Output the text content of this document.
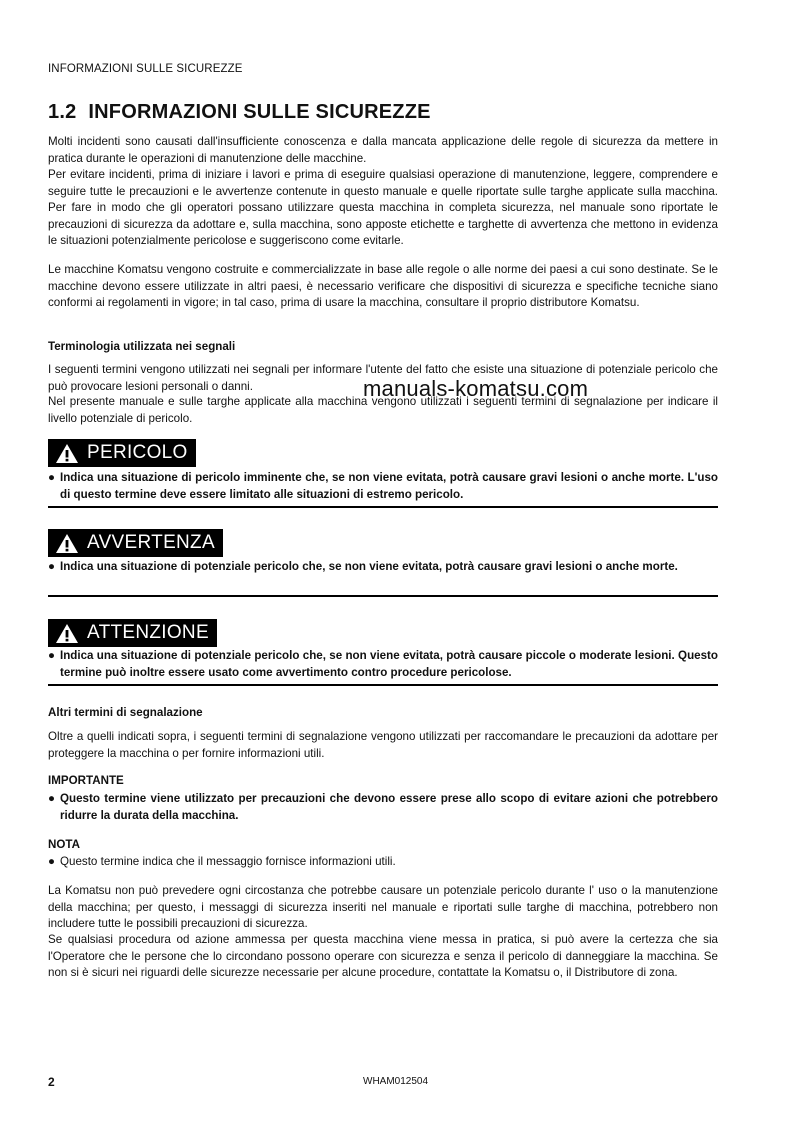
INFORMAZIONI SULLE SICUREZZE
1.2 INFORMAZIONI SULLE SICUREZZE
Molti incidenti sono causati dall'insufficiente conoscenza e dalla mancata applicazione delle regole di sicurezza da mettere in pratica durante le operazioni di manutenzione delle macchine.
Per evitare incidenti, prima di iniziare i lavori e prima di eseguire qualsiasi operazione di manutenzione, leggere, comprendere e seguire tutte le precauzioni e le avvertenze contenute in questo manuale e quelle riportate sulle targhe applicate sulla macchina. Per fare in modo che gli operatori possano utilizzare questa macchina in completa sicurezza, nel manuale sono riportate le precauzioni di sicurezza da adottare e, sulla macchina, sono apposte etichette e targhette di avvertenza che mettono in evidenza le situazioni potenzialmente pericolose e suggeriscono come evitarle.
Le macchine Komatsu vengono costruite e commercializzate in base alle regole o alle norme dei paesi a cui sono destinate. Se le macchine devono essere utilizzate in altri paesi, è necessario verificare che dispositivi di sicurezza e specifiche tecniche siano conformi ai regolamenti in vigore; in tal caso, prima di usare la macchina, consultare il proprio distributore Komatsu.
Terminologia utilizzata nei segnali
I seguenti termini vengono utilizzati nei segnali per informare l'utente del fatto che esiste una situazione di potenziale pericolo che può provocare lesioni personali o danni.
Nel presente manuale e sulle targhe applicate alla macchina vengono utilizzati i seguenti termini di segnalazione per indicare il livello potenziale di pericolo.
manuals-komatsu.com
PERICOLO
● Indica una situazione di pericolo imminente che, se non viene evitata, potrà causare gravi lesioni o anche morte. L'uso di questo termine deve essere limitato alle situazioni di estremo pericolo.
AVVERTENZA
● Indica una situazione di potenziale pericolo che, se non viene evitata, potrà causare gravi lesioni o anche morte.
ATTENZIONE
● Indica una situazione di potenziale pericolo che, se non viene evitata, potrà causare piccole o moderate lesioni. Questo termine può inoltre essere usato come avvertimento contro procedure pericolose.
Altri termini di segnalazione
Oltre a quelli indicati sopra, i seguenti termini di segnalazione vengono utilizzati per raccomandare le precauzioni da adottare per proteggere la macchina o per fornire informazioni utili.
IMPORTANTE
● Questo termine viene utilizzato per precauzioni che devono essere prese allo scopo di evitare azioni che potrebbero ridurre la durata della macchina.
NOTA
● Questo termine indica che il messaggio fornisce informazioni utili.
La Komatsu non può prevedere ogni circostanza che potrebbe causare un potenziale pericolo durante l' uso o la manutenzione della macchina; per questo, i messaggi di sicurezza inseriti nel manuale e riportati sulle targhe di macchina, potrebbero non includere tutte le possibili precauzioni di sicurezza.
Se qualsiasi procedura od azione ammessa per questa macchina viene messa in pratica, si può avere la certezza che sia l'Operatore che le persone che lo circondano possono operare con sicurezza e senza il pericolo di danneggiare la macchina. Se non si è sicuri nei riguardi delle sicurezze necessarie per alcune procedure, contattate la Komatsu o, il Distributore di zona.
2	WHAM012504
